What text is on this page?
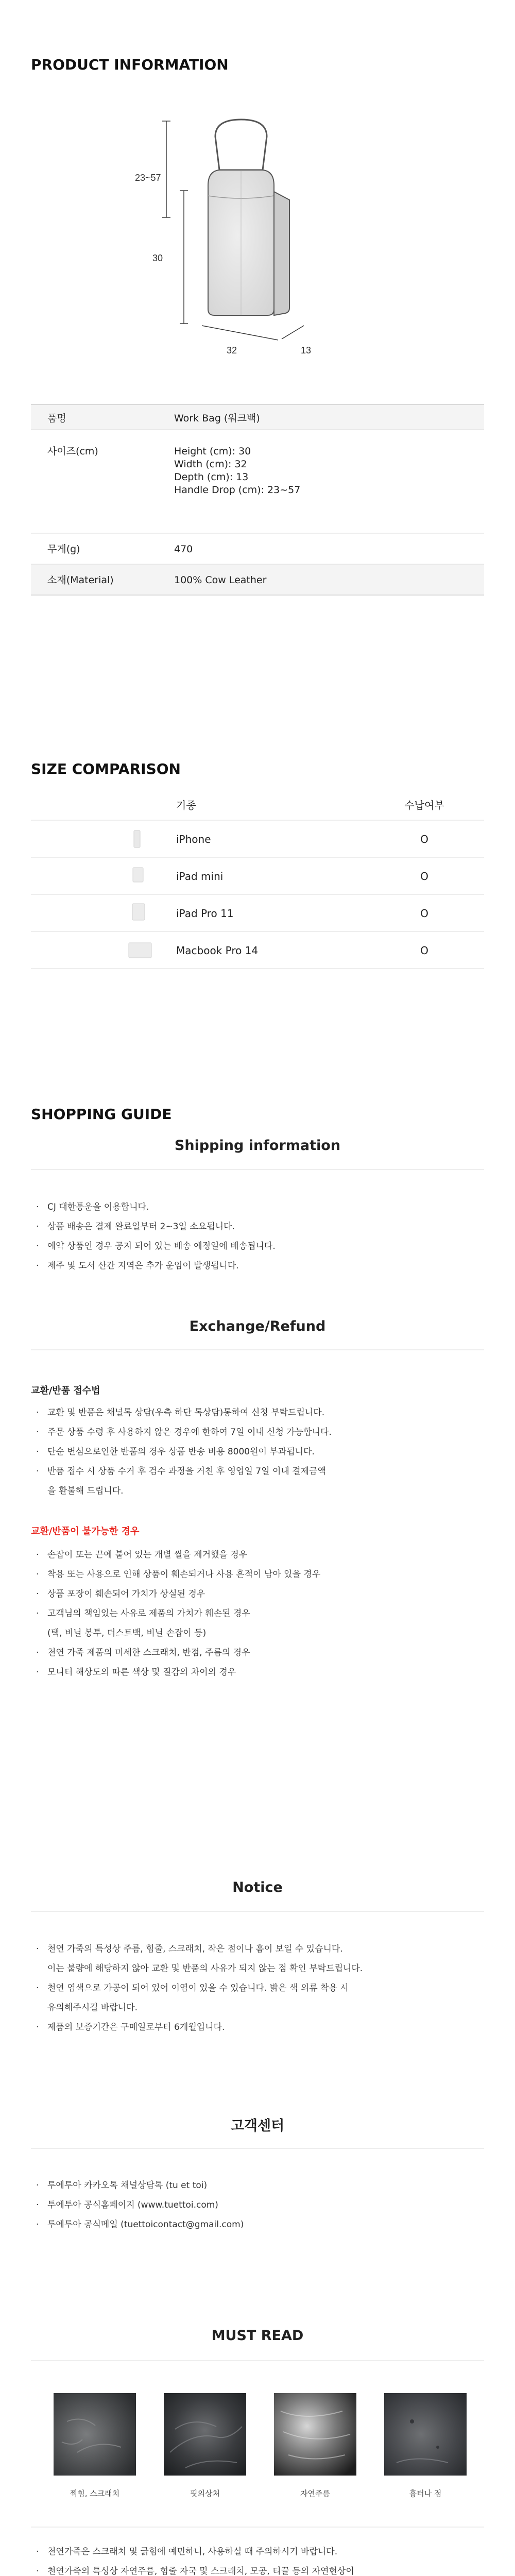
PRODUCT INFORMATION
23~57
30
32	13
품명	Work Bag (워크백)
사이즈(cm)	Height (cm): 30
Width (cm): 32
Depth (cm): 13
Handle Drop (cm): 23~57
무게(g)	470
소재(Material)	100% Cow Leather
SIZE COMPARISON
기종	수납여부
iPhone	O
iPad mini	O
iPad Pro 11	O
Macbook Pro 14	O
SHOPPING GUIDE
Shipping information
· CJ 대한통운을 이용합니다.
· 상품 배송은 결제 완료일부터 2~3일 소요됩니다.
· 예약 상품인 경우 공지 되어 있는 배송 예정일에 배송됩니다.
· 제주 및 도서 산간 지역은 추가 운임이 발생됩니다.
Exchange/Refund
교환/반품 접수법
· 교환 및 반품은 채널톡 상담(우측 하단 톡상담)통하여 신청 부탁드립니다.
· 주문 상품 수령 후 사용하지 않은 경우에 한하여 7일 이내 신청 가능합니다.
· 단순 변심으로인한 반품의 경우 상품 반송 비용 8000원이 부과됩니다.
· 반품 접수 시 상품 수거 후 검수 과정을 거친 후 영업일 7일 이내 결제금액
을 환불해 드립니다.
교환/반품이 불가능한 경우
· 손잡이 또는 끈에 붙어 있는 개별 씰을 제거했을 경우
· 착용 또는 사용으로 인해 상품이 훼손되거나 사용 흔적이 남아 있을 경우
· 상품 포장이 훼손되어 가치가 상실된 경우
· 고객님의 책임있는 사유로 제품의 가치가 훼손된 경우
(택, 비닐 봉투, 더스트백, 비닐 손잡이 등)
· 천연 가죽 제품의 미세한 스크래치, 반점, 주름의 경우
· 모니터 해상도의 따른 색상 및 질감의 차이의 경우
Notice
· 천연 가죽의 특성상 주름, 힘줄, 스크래치, 작은 점이나 흠이 보일 수 있습니다.
이는 불량에 해당하지 않아 교환 및 반품의 사유가 되지 않는 점 확인 부탁드립니다.
· 천연 염색으로 가공이 되어 있어 이염이 있을 수 있습니다. 밝은 색 의류 착용 시
유의해주시길 바랍니다.
· 제품의 보증기간은 구매일로부터 6개월입니다.
고객센터
· 투에투아 카카오톡 채널상담톡 (tu et toi)
· 투에투아 공식홈페이지 (www.tuettoi.com)
· 투에투아 공식메일 (tuettoicontact@gmail.com)
MUST READ
찍힘, 스크래치	핏의상처	자연주름	흉터나 점
· 천연가죽은 스크래치 및 긁힘에 예민하니, 사용하실 때 주의하시기 바랍니다.
· 천연가죽의 특성상 자연주름, 힘줄 자국 및 스크래치, 모공, 티끌 등의 자연현상이
